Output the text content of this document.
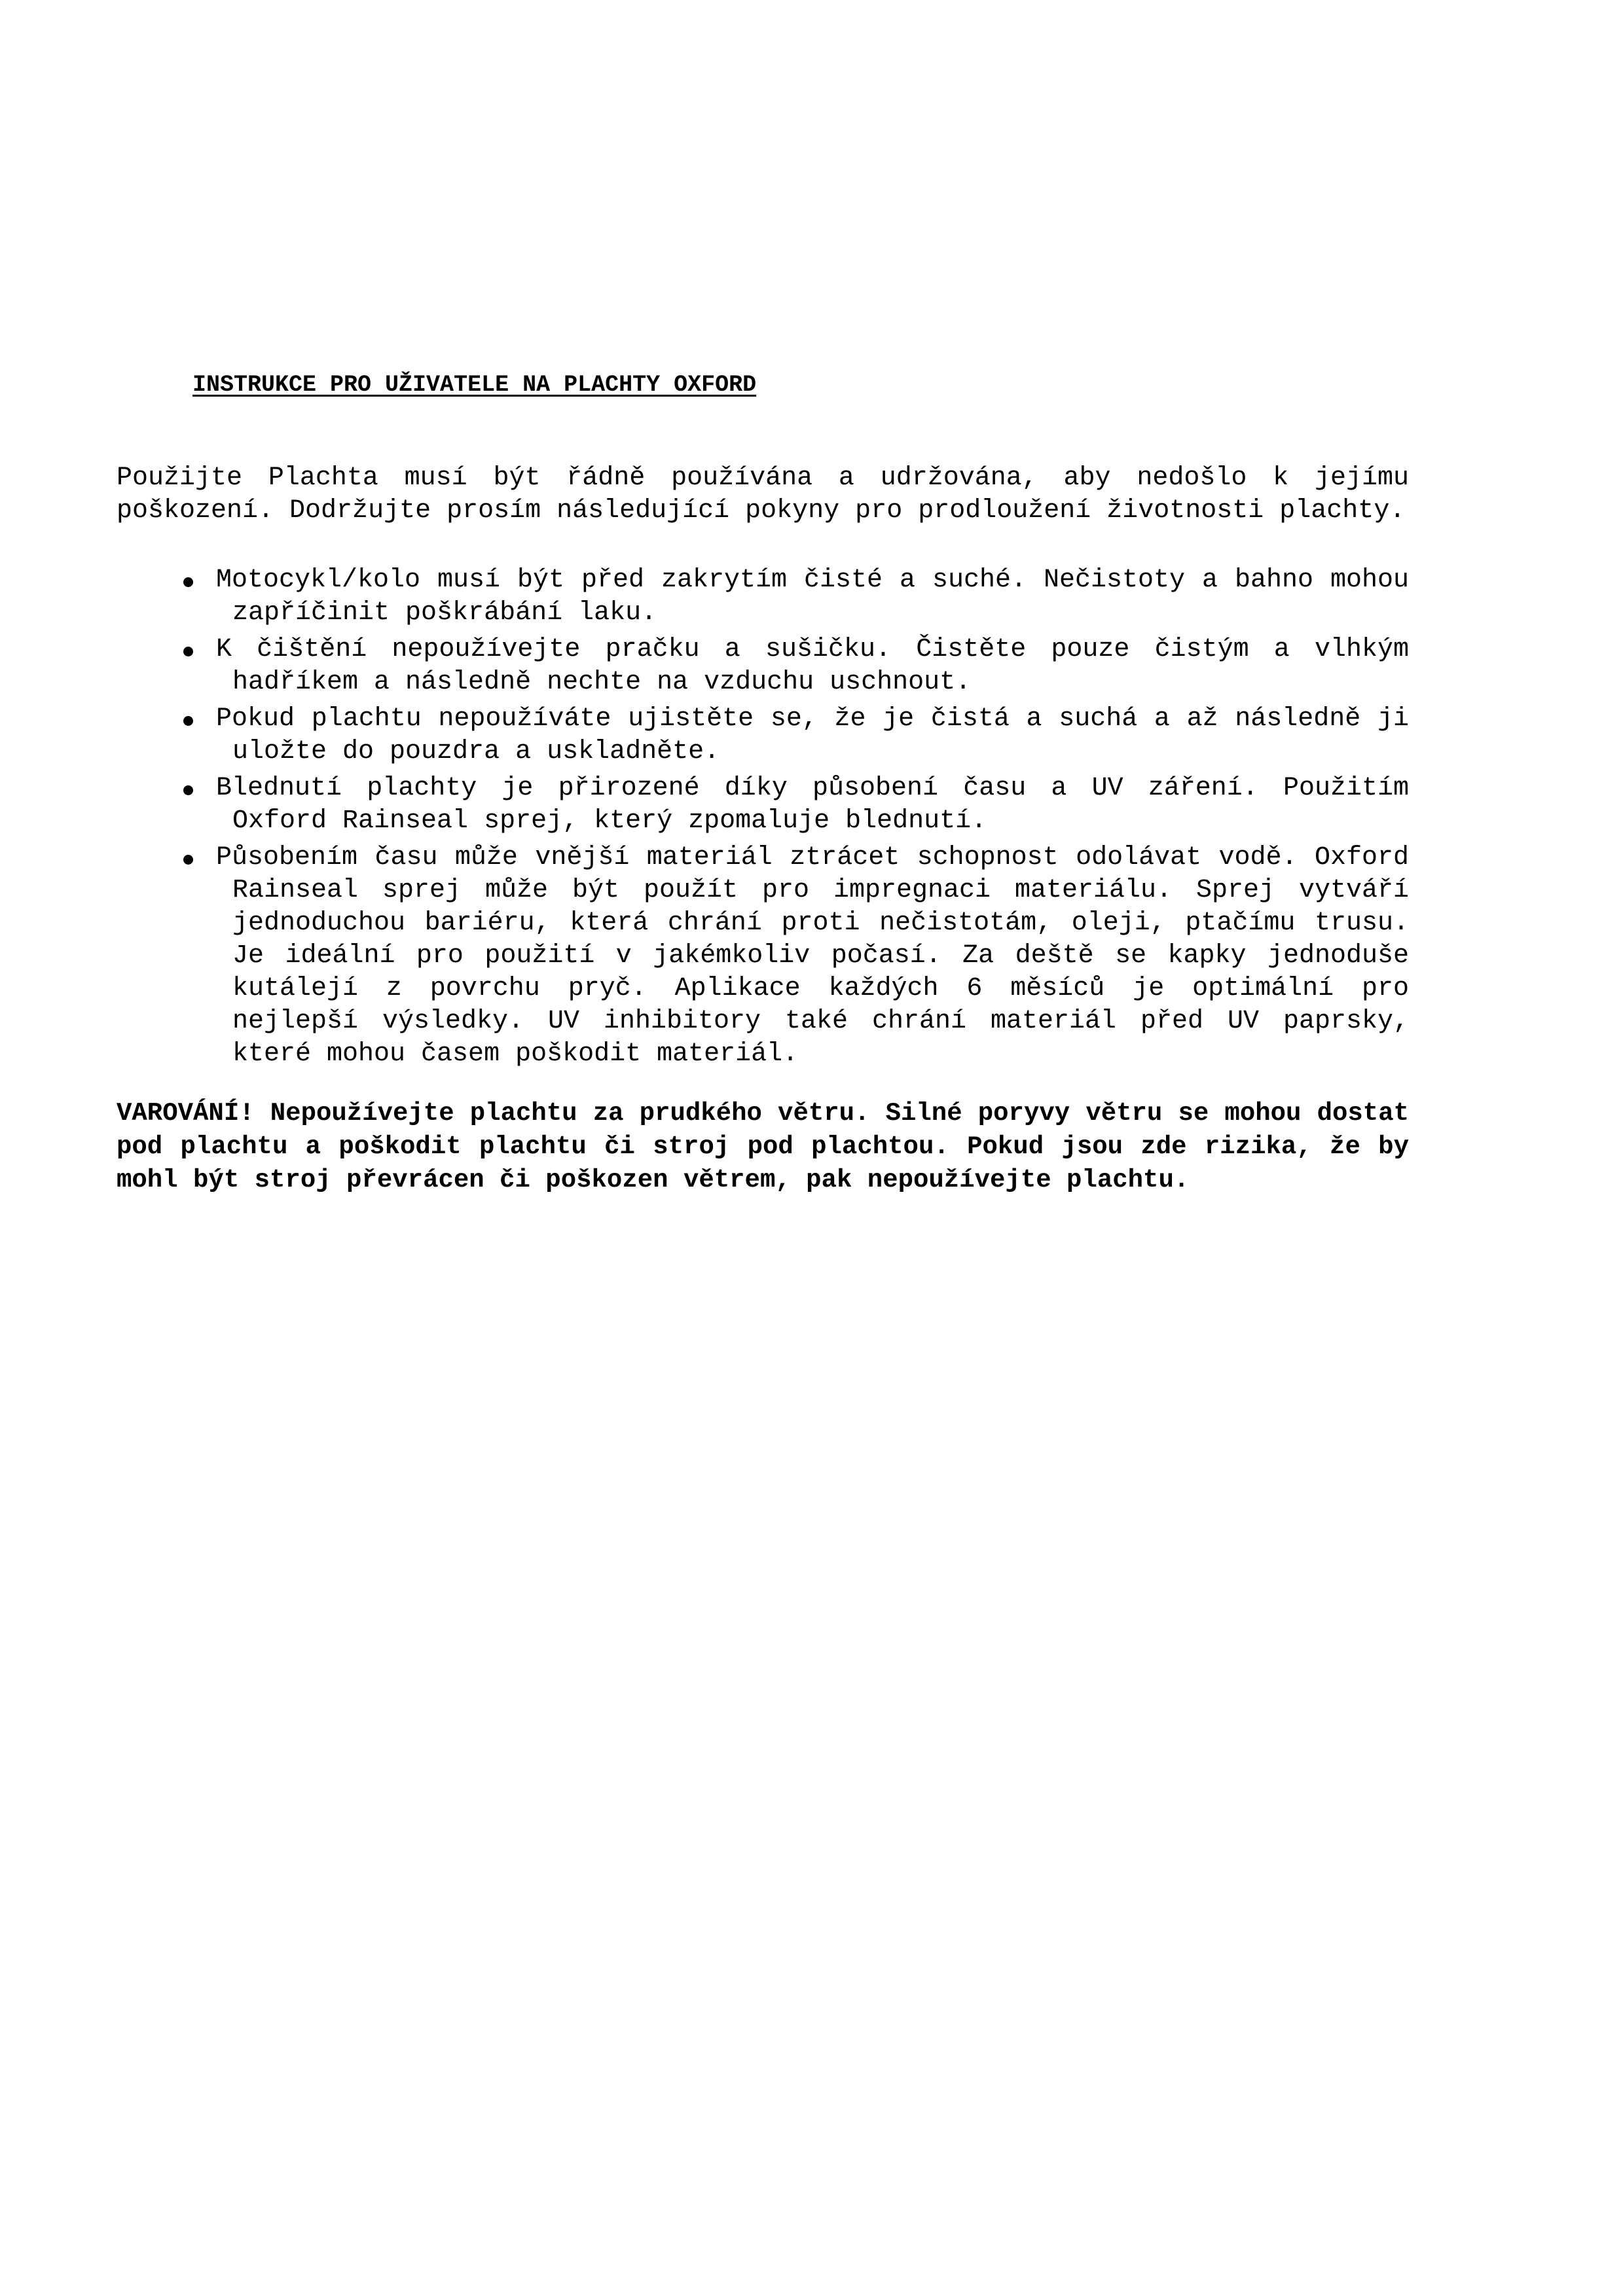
INSTRUKCE PRO UŽIVATELE NA PLACHTY OXFORD

Použijte Plachta musí být řádně používána a udržována, aby nedošlo k jejímu poškození. Dodržujte prosím následující pokyny pro prodloužení životnosti plachty.

Motocykl/kolo musí být před zakrytím čisté a suché. Nečistoty a bahno mohou zapříčinit poškrábání laku.
K čištění nepoužívejte pračku a sušičku. Čistěte pouze čistým a vlhkým hadříkem a následně nechte na vzduchu uschnout.
Pokud plachtu nepoužíváte ujistěte se, že je čistá a suchá a až následně ji uložte do pouzdra a uskladněte.
Blednutí plachty je přirozené díky působení času a UV záření. Použitím Oxford Rainseal sprej, který zpomaluje blednutí.
Působením času může vnější materiál ztrácet schopnost odolávat vodě. Oxford Rainseal sprej může být použít pro impregnaci materiálu. Sprej vytváří jednoduchou bariéru, která chrání proti nečistotám, oleji, ptačímu trusu. Je ideální pro použití v jakémkoliv počasí. Za deště se kapky jednoduše kutálejí z povrchu pryč. Aplikace každých 6 měsíců je optimální pro nejlepší výsledky. UV inhibitory také chrání materiál před UV paprsky, které mohou časem poškodit materiál.

VAROVÁNÍ! Nepoužívejte plachtu za prudkého větru. Silné poryvy větru se mohou dostat pod plachtu a poškodit plachtu či stroj pod plachtou. Pokud jsou zde rizika, že by mohl být stroj převrácen či poškozen větrem, pak nepoužívejte plachtu.
